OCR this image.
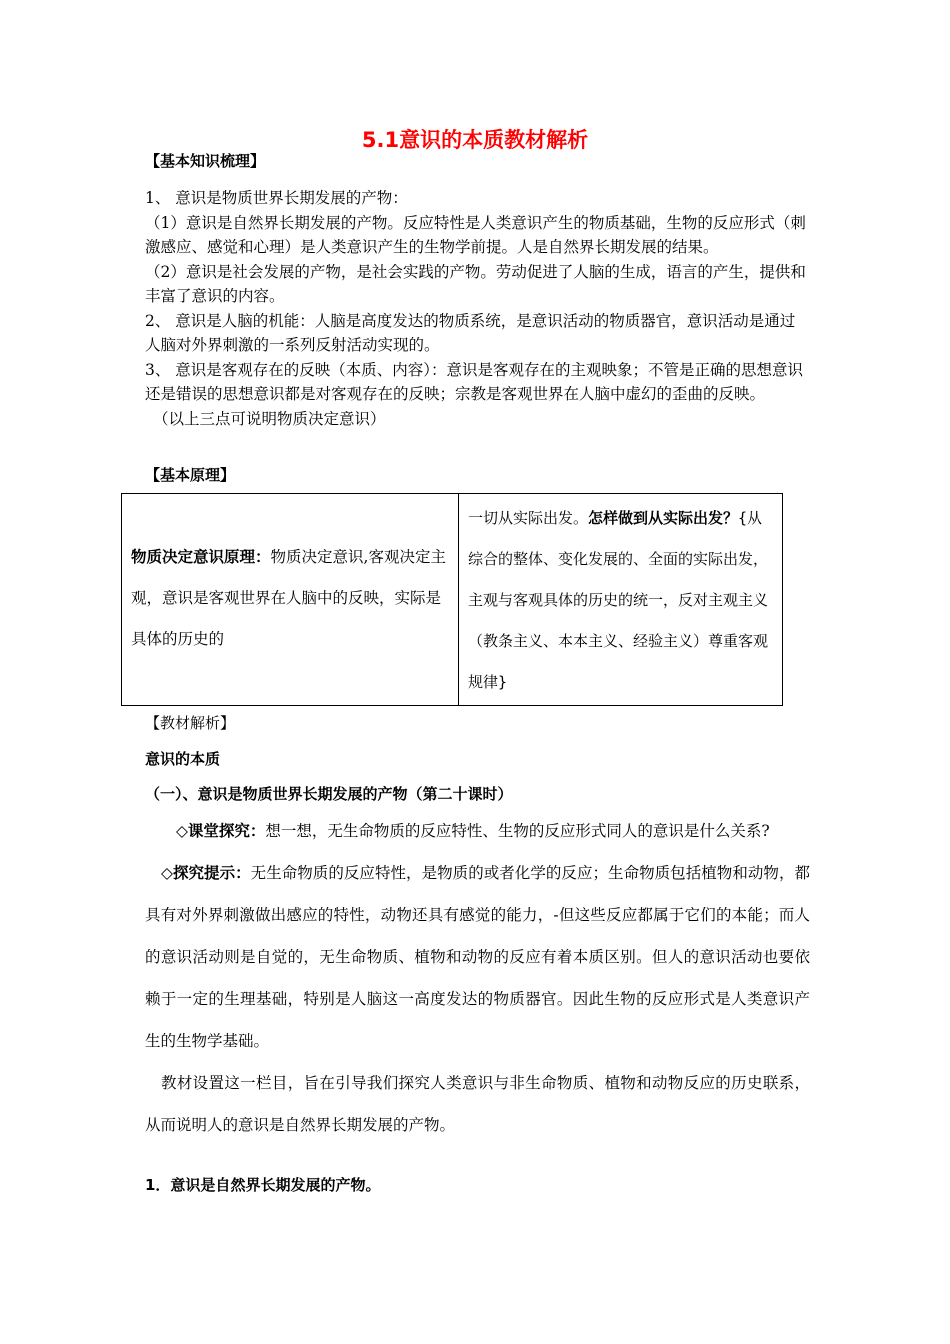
5.1意识的本质教材解析
【基本知识梳理】

1、 意识是物质世界长期发展的产物：

（1）意识是自然界长期发展的产物。反应特性是人类意识产生的物质基础，生物的反应形式（刺激感应、感觉和心理）是人类意识产生的生物学前提。人是自然界长期发展的结果。

（2）意识是社会发展的产物，是社会实践的产物。劳动促进了人脑的生成，语言的产生，提供和丰富了意识的内容。

2、 意识是人脑的机能：人脑是高度发达的物质系统，是意识活动的物质器官，意识活动是通过人脑对外界刺激的一系列反射活动实现的。

3、 意识是客观存在的反映（本质、内容）：意识是客观存在的主观映象；不管是正确的思想意识还是错误的思想意识都是对客观存在的反映；宗教是客观世界在人脑中虚幻的歪曲的反映。

（以上三点可说明物质决定意识）

【基本原理】
物质决定意识原理：物质决定意识,客观决定主观，意识是客观世界在人脑中的反映，实际是具体的历史的
一切从实际出发。怎样做到从实际出发？{从综合的整体、变化发展的、全面的实际出发，主观与客观具体的历史的统一，反对主观主义（教条主义、本本主义、经验主义）尊重客观规律}
【教材解析】
意识的本质
（一）、意识是物质世界长期发展的产物（第二十课时）

◇课堂探究：想一想，无生命物质的反应特性、生物的反应形式同人的意识是什么关系?

◇探究提示：无生命物质的反应特性，是物质的或者化学的反应；生命物质包括植物和动物，都具有对外界刺激做出感应的特性，动物还具有感觉的能力，-但这些反应都属于它们的本能；而人的意识活动则是自觉的，无生命物质、植物和动物的反应有着本质区别。但人的意识活动也要依赖于一定的生理基础，特别是人脑这一高度发达的物质器官。因此生物的反应形式是人类意识产生的生物学基础。

教材设置这一栏目，旨在引导我们探究人类意识与非生命物质、植物和动物反应的历史联系，从而说明人的意识是自然界长期发展的产物。

1．意识是自然界长期发展的产物。
